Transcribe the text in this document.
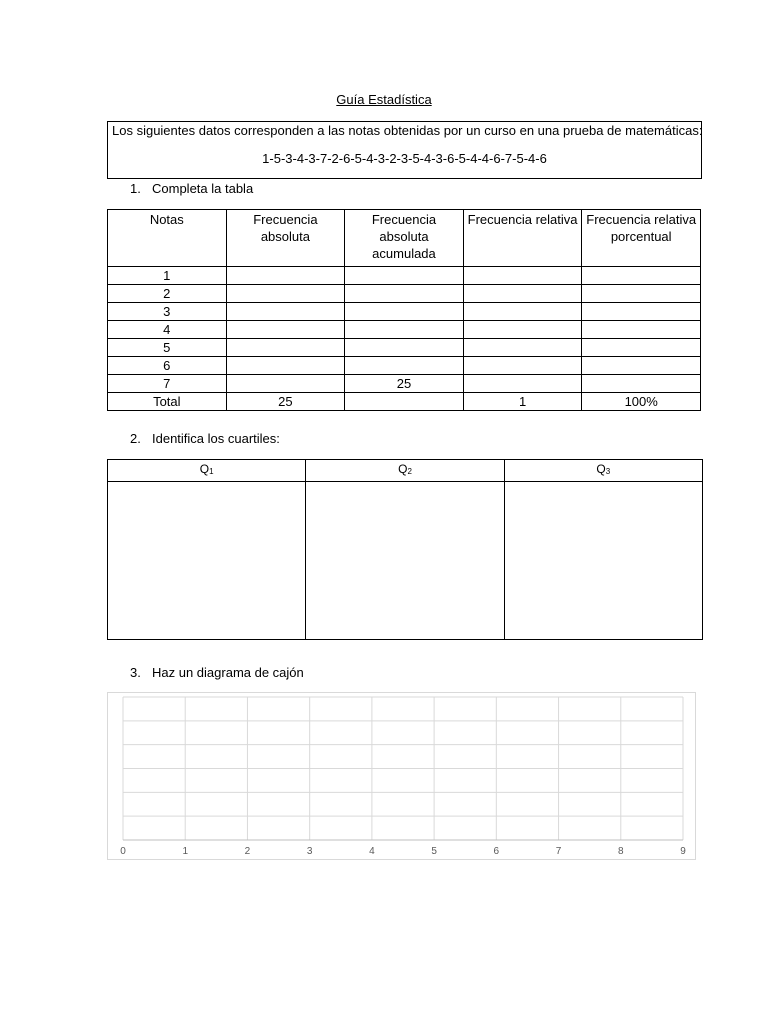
Guía Estadística
Los siguientes datos corresponden a las notas obtenidas por un curso en una prueba de matemáticas:
1-5-3-4-3-7-2-6-5-4-3-2-3-5-4-3-6-5-4-4-6-7-5-4-6
1. Completa la tabla
Notas	Frecuencia absoluta	Frecuencia absoluta acumulada	Frecuencia relativa	Frecuencia relativa porcentual
1				
2				
3				
4				
5				
6				
7		25		
Total	25		1	100%
2. Identifica los cuartiles:
$Q_1$	$Q_2$	$Q_3$

3. Haz un diagrama de cajón
0	1	2	3	4	5	6	7	8	9
